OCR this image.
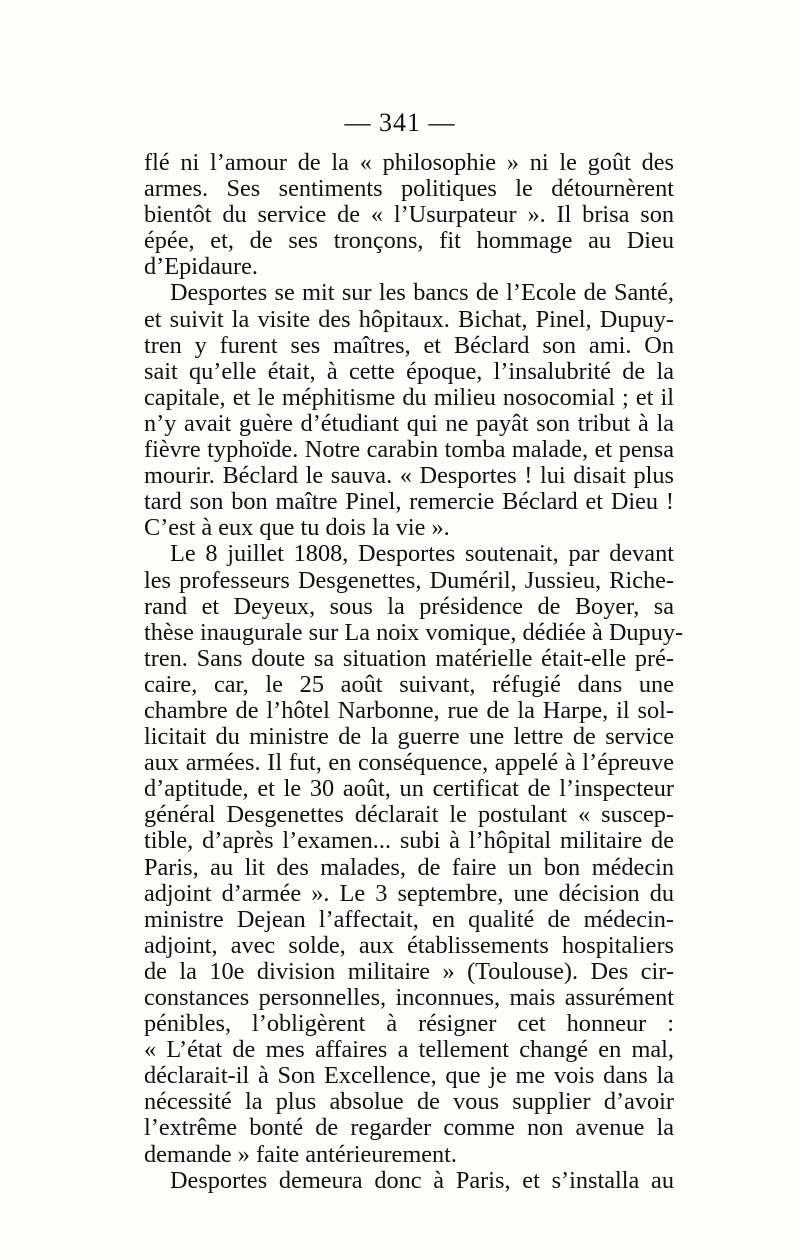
— 341 —
flé ni l’amour de la « philosophie » ni le goût des
armes. Ses sentiments politiques le détournèrent
bientôt du service de « l’Usurpateur ». Il brisa son
épée, et, de ses tronçons, fit hommage au Dieu
d’Epidaure.
Desportes se mit sur les bancs de l’Ecole de Santé,
et suivit la visite des hôpitaux. Bichat, Pinel, Dupuy-
tren y furent ses maîtres, et Béclard son ami. On
sait qu’elle était, à cette époque, l’insalubrité de la
capitale, et le méphitisme du milieu nosocomial ; et il
n’y avait guère d’étudiant qui ne payât son tribut à la
fièvre typhoïde. Notre carabin tomba malade, et pensa
mourir. Béclard le sauva. « Desportes ! lui disait plus
tard son bon maître Pinel, remercie Béclard et Dieu !
C’est à eux que tu dois la vie ».
Le 8 juillet 1808, Desportes soutenait, par devant
les professeurs Desgenettes, Duméril, Jussieu, Riche-
rand et Deyeux, sous la présidence de Boyer, sa
thèse inaugurale sur La noix vomique, dédiée à Dupuy-
tren. Sans doute sa situation matérielle était-elle pré-
caire, car, le 25 août suivant, réfugié dans une
chambre de l’hôtel Narbonne, rue de la Harpe, il sol-
licitait du ministre de la guerre une lettre de service
aux armées. Il fut, en conséquence, appelé à l’épreuve
d’aptitude, et le 30 août, un certificat de l’inspecteur
général Desgenettes déclarait le postulant « suscep-
tible, d’après l’examen... subi à l’hôpital militaire de
Paris, au lit des malades, de faire un bon médecin
adjoint d’armée ». Le 3 septembre, une décision du
ministre Dejean l’affectait, en qualité de médecin-
adjoint, avec solde, aux établissements hospitaliers
de la 10e division militaire » (Toulouse). Des cir-
constances personnelles, inconnues, mais assurément
pénibles, l’obligèrent à résigner cet honneur :
« L’état de mes affaires a tellement changé en mal,
déclarait-il à Son Excellence, que je me vois dans la
nécessité la plus absolue de vous supplier d’avoir
l’extrême bonté de regarder comme non avenue la
demande » faite antérieurement.
Desportes demeura donc à Paris, et s’installa au
